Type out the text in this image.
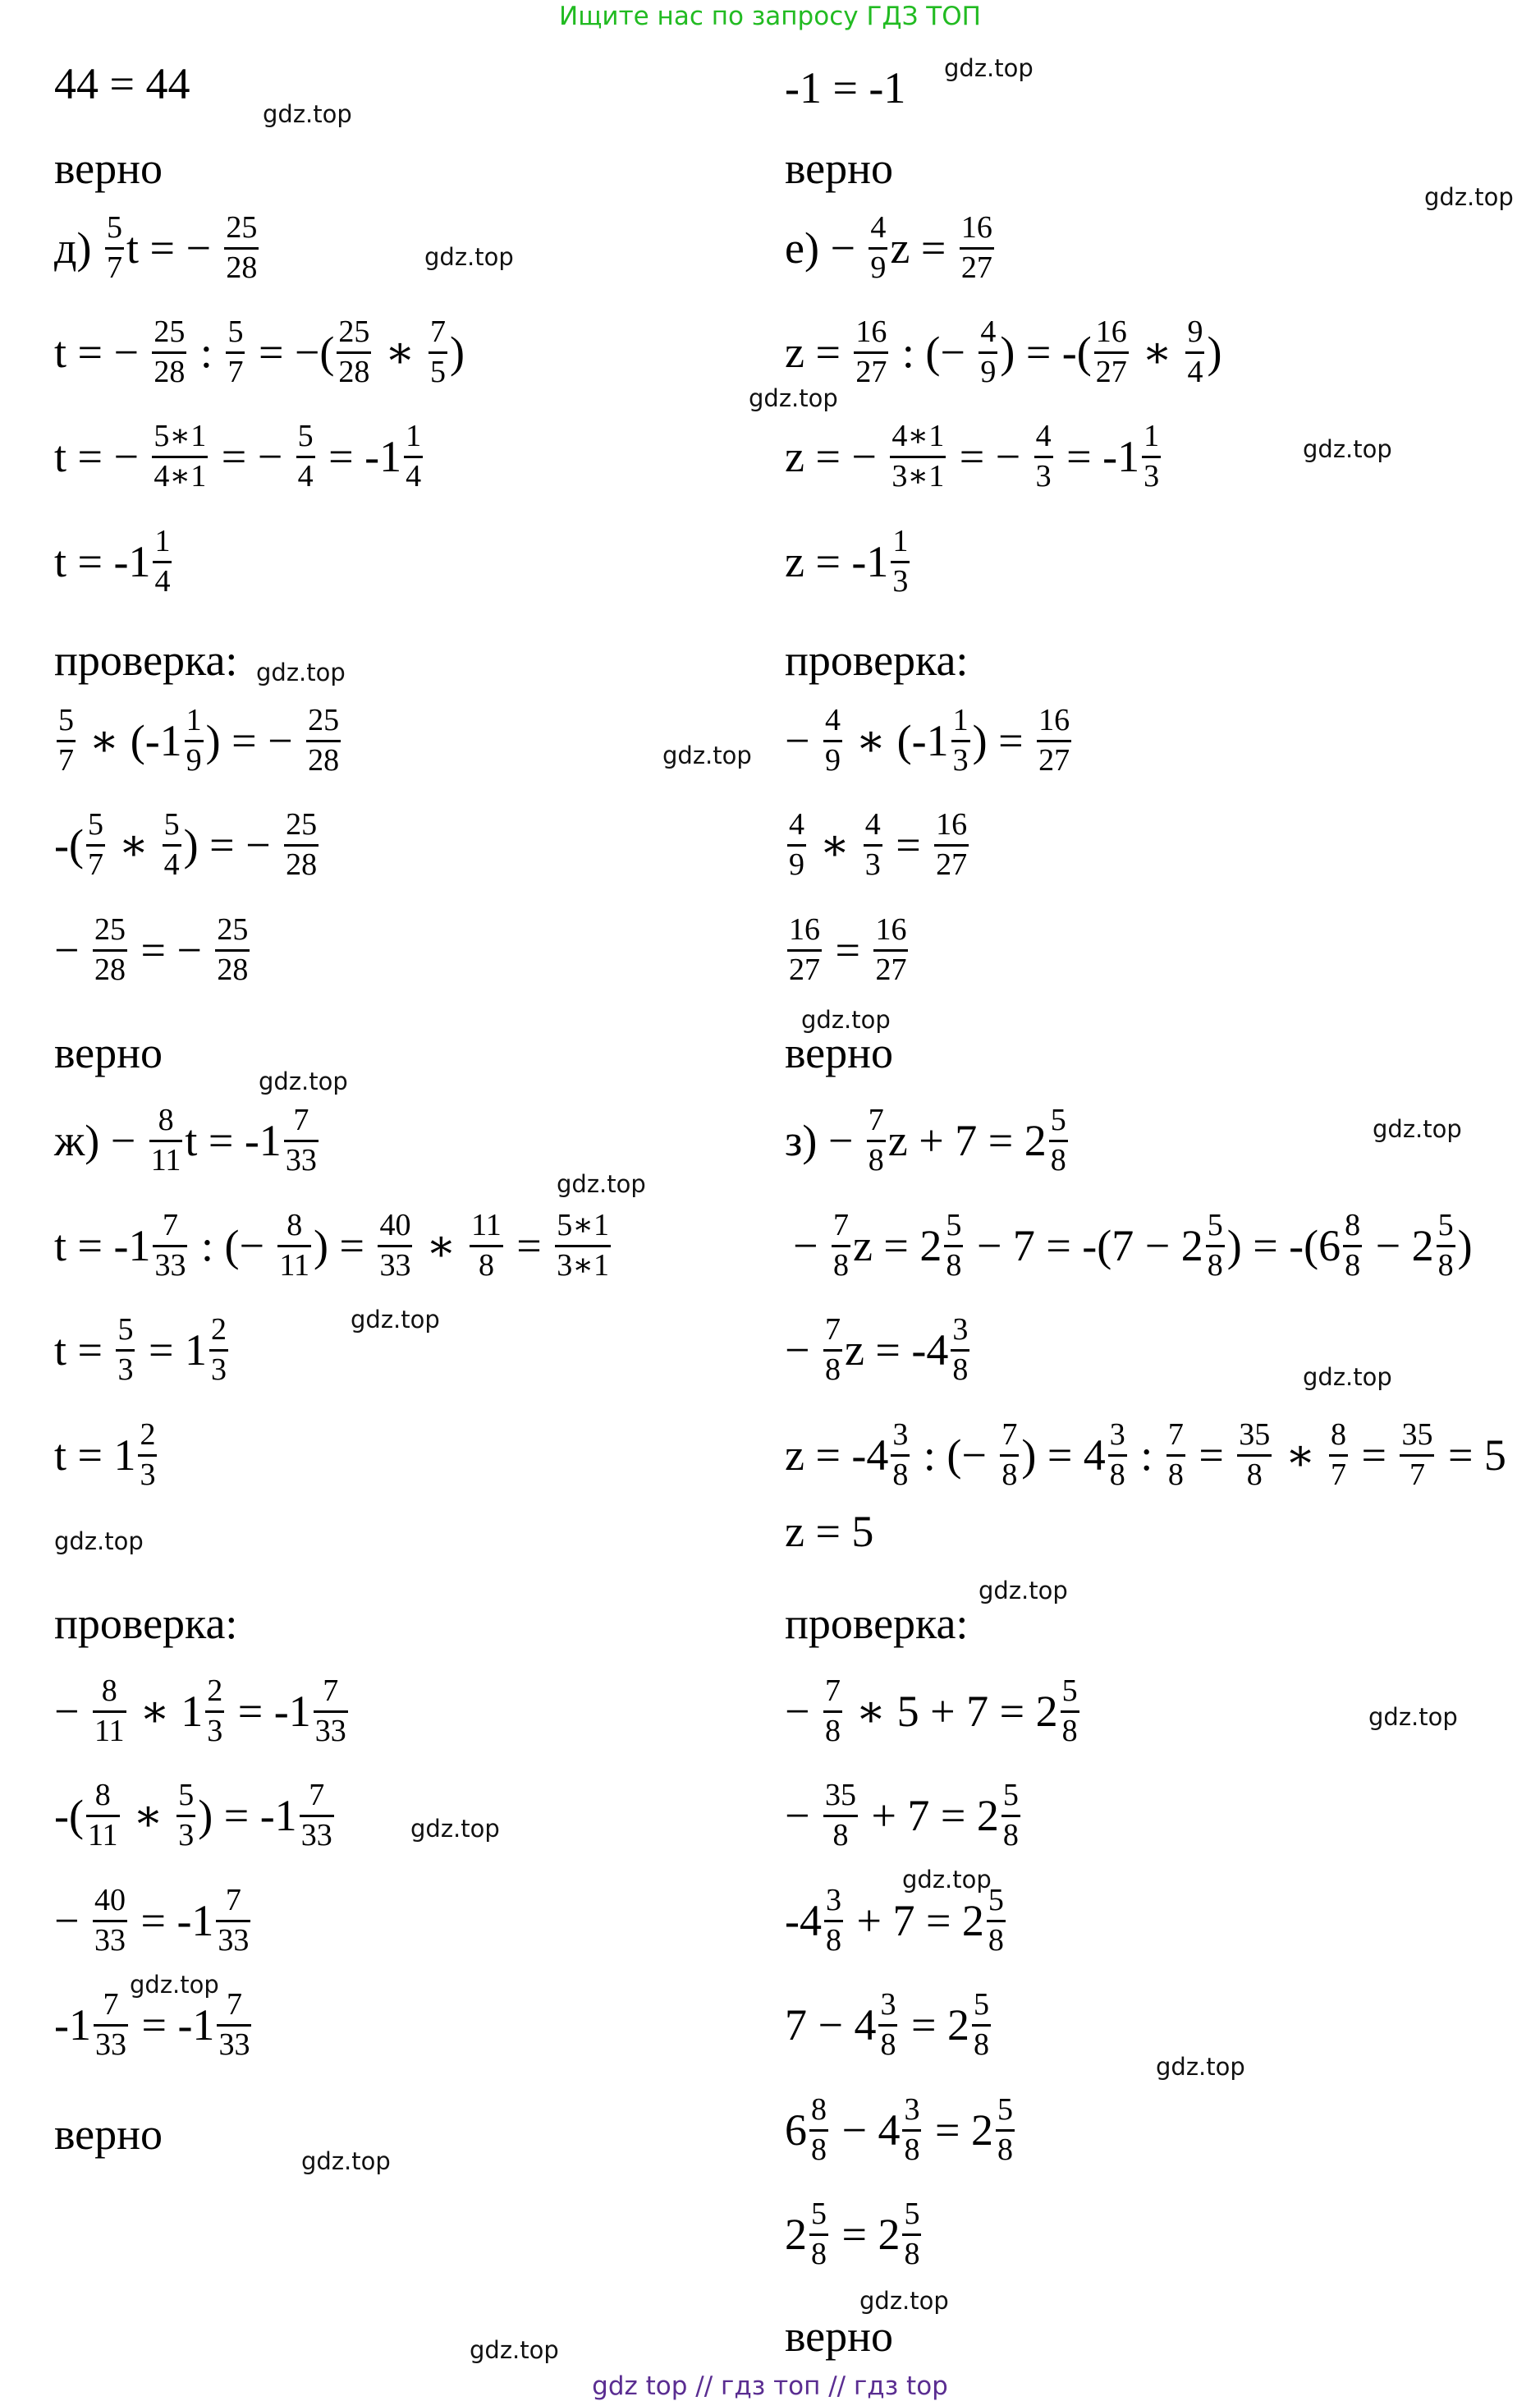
Ищите нас по запросу ГДЗ ТОП
44 = 44
верно
д)
$\frac{5}{7}$ t = − $\frac{25}{28}$
t = − $\frac{25}{28}$ : $\frac{5}{7}$ = −( $\frac{25}{28}$ ∗ $\frac{7}{5}$ )
t = − $\frac{5∗1}{4∗1}$ = − $\frac{5}{4} = -1 \frac{1}{4}$
$t = -1 \frac{1}{4}$
проверка:
$\frac{5}{7}$ ∗ ( $-1 \frac{1}{9}$ ) = − $\frac{25}{28}$
-( $\frac{5}{7}$ ∗ $\frac{5}{4}$ ) = − $\frac{25}{28}$
− $\frac{25}{28}$ = − $\frac{25}{28}$
верно
$ж) - \frac{8}{11}$ $t = -1 \frac{7}{33}$
$t = -1 \frac{7}{33}$ : (− $\frac{8}{11}$ ) = $\frac{40}{33}$ ∗ $\frac{11}{8} = \frac{5∗1}{3∗1}$
$t = \frac{5}{3} = 1 \frac{2}{3}$
$t = 1 \frac{2}{3}$
проверка:
− $\frac{8}{11}$ ∗ $1 \frac{2}{3} = -1 \frac{7}{33}$
-( $\frac{8}{11}$ ∗ $\frac{5}{3}$ ) = $-1 \frac{7}{33}$
− $\frac{40}{33} = -1 \frac{7}{33}$
$-1 \frac{7}{33} = -1 \frac{7}{33}$
верно
-1 = -1
верно
$е) - \frac{4}{9}$ $z = \frac{16}{27}$
$z = \frac{16}{27}$ : (− $\frac{4}{9}$ ) = -( $\frac{16}{27}$ ∗ $\frac{9}{4}$ )
z = − $\frac{4∗1}{3∗1}$ = − $\frac{4}{3} = -1 \frac{1}{3}$
$z = -1 \frac{1}{3}$
проверка:
− $\frac{4}{9}$ ∗ ( $-1 \frac{1}{3}$ ) = $\frac{16}{27}$
$\frac{4}{9}$ ∗ $\frac{4}{3} = \frac{16}{27}$
$\frac{16}{27} = \frac{16}{27}$
верно
$з) - \frac{7}{8}$ $z + 7 = 2 \frac{5}{8}$
− $\frac{7}{8}$ $z = 2 \frac{5}{8} - 7 = -(7 - 2 \frac{5}{8}$ ) = -( $6 \frac{8}{8} - 2 \frac{5}{8}$ )
− $\frac{7}{8}$ $z = -4 \frac{3}{8}$
$z = -4 \frac{3}{8}$ : (− $\frac{7}{8}$ ) = $4 \frac{3}{8}$ : $\frac{7}{8} = \frac{35}{8}$ ∗ $\frac{8}{7} = \frac{35}{7} = 5$
z = 5
проверка:
− $\frac{7}{8}$ ∗ $5 + 7 = 2 \frac{5}{8}$
− $\frac{35}{8} + 7 = 2 \frac{5}{8}$
$-4 \frac{3}{8} + 7 = 2 \frac{5}{8}$
$7 - 4 \frac{3}{8} = 2 \frac{5}{8}$
$6 \frac{8}{8} - 4 \frac{3}{8} = 2 \frac{5}{8}$
$2 \frac{5}{8} = 2 \frac{5}{8}$
верно
gdz.top
gdz.top
gdz.top
gdz.top
gdz.top
gdz.top
gdz.top
gdz.top
gdz.top
gdz.top
gdz.top
gdz.top
gdz.top
gdz.top
gdz.top
gdz.top
gdz.top
gdz.top
gdz.top
gdz.top
gdz.top
gdz.top
gdz.top
gdz.top
gdz top // гдз топ // гдз top
